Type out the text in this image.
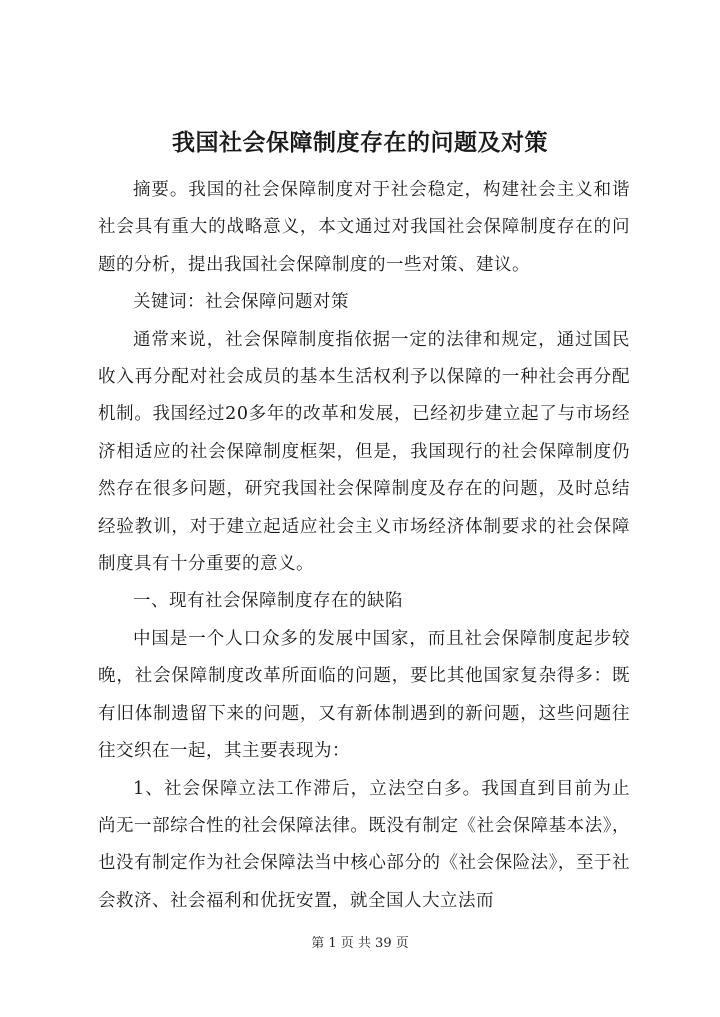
我国社会保障制度存在的问题及对策

摘要。我国的社会保障制度对于社会稳定，构建社会主义和谐社会具有重大的战略意义，本文通过对我国社会保障制度存在的问题的分析，提出我国社会保障制度的一些对策、建议。

关键词：社会保障问题对策

通常来说，社会保障制度指依据一定的法律和规定，通过国民收入再分配对社会成员的基本生活权利予以保障的一种社会再分配机制。我国经过20多年的改革和发展，已经初步建立起了与市场经济相适应的社会保障制度框架，但是，我国现行的社会保障制度仍然存在很多问题，研究我国社会保障制度及存在的问题，及时总结经验教训，对于建立起适应社会主义市场经济体制要求的社会保障制度具有十分重要的意义。

一、现有社会保障制度存在的缺陷

中国是一个人口众多的发展中国家，而且社会保障制度起步较晚，社会保障制度改革所面临的问题，要比其他国家复杂得多：既有旧体制遗留下来的问题，又有新体制遇到的新问题，这些问题往往交织在一起，其主要表现为：

1、社会保障立法工作滞后，立法空白多。我国直到目前为止尚无一部综合性的社会保障法律。既没有制定《社会保障基本法》，也没有制定作为社会保障法当中核心部分的《社会保险法》，至于社会救济、社会福利和优抚安置，就全国人大立法而

第 1 页 共 39 页
